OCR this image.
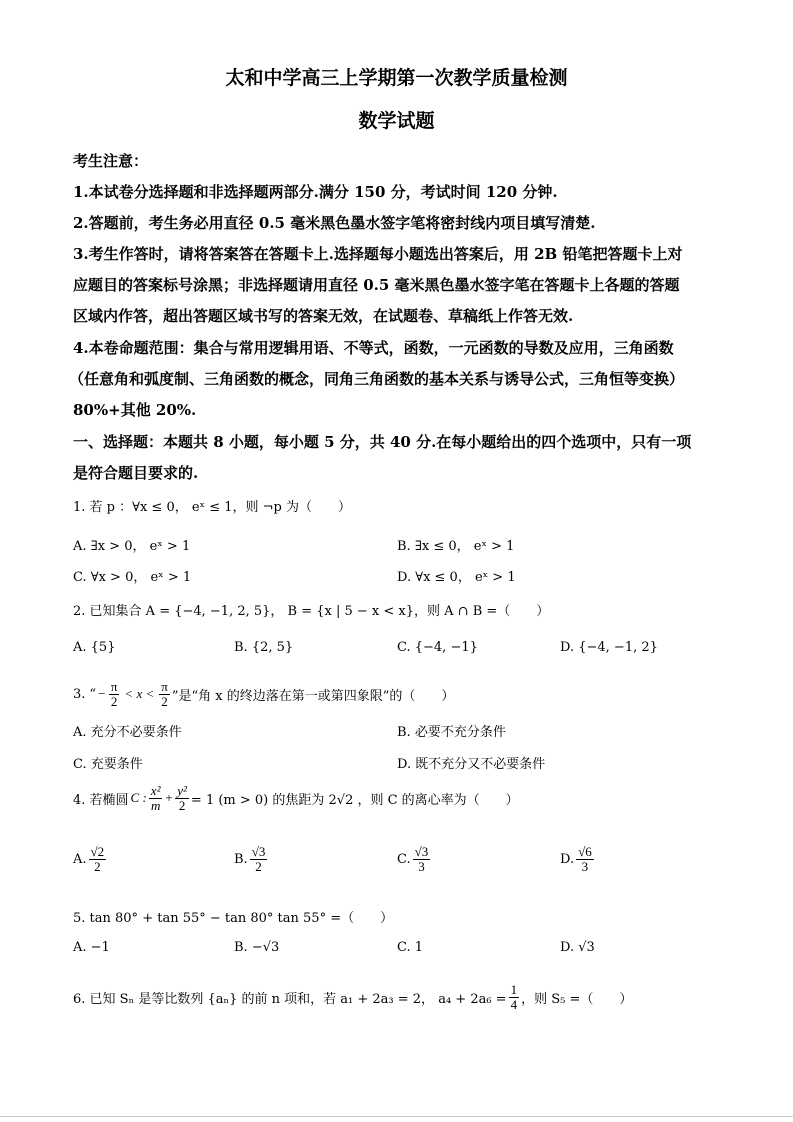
太和中学高三上学期第一次教学质量检测
数学试题
考生注意：
1.本试卷分选择题和非选择题两部分.满分 150 分，考试时间 120 分钟.
2.答题前，考生务必用直径 0.5 毫米黑色墨水签字笔将密封线内项目填写清楚.
3.考生作答时，请将答案答在答题卡上.选择题每小题选出答案后，用 2B 铅笔把答题卡上对
应题目的答案标号涂黑；非选择题请用直径 0.5 毫米黑色墨水签字笔在答题卡上各题的答题
区域内作答，超出答题区域书写的答案无效，在试题卷、草稿纸上作答无效.
4.本卷命题范围：集合与常用逻辑用语、不等式，函数，一元函数的导数及应用，三角函数
（任意角和弧度制、三角函数的概念，同角三角函数的基本关系与诱导公式，三角恒等变换）
80%+其他 20%.
一、选择题：本题共 8 小题，每小题 5 分，共 40 分.在每小题给出的四个选项中，只有一项
是符合题目要求的.
1. 若 p ：∀x ≤ 0， eˣ ≤ 1，则 ¬p 为（　　）
A. ∃x > 0， eˣ > 1	B. ∃x ≤ 0， eˣ > 1
C. ∀x > 0， eˣ > 1	D. ∀x ≤ 0， eˣ > 1
2. 已知集合 A = {−4, −1, 2, 5}， B = {x | 5 − x < x}，则 A ∩ B =（　　）
A. {5}	B. {2, 5}	C. {−4, −1}	D. {−4, −1, 2}
3. “ − $\frac{\pi}{2} < x < \frac{\pi}{2}$ ”是“角 x 的终边落在第一或第四象限”的（　　）
A. 充分不必要条件	B. 必要不充分条件
C. 充要条件	D. 既不充分又不必要条件
4. 若椭圆 C : $\frac{\text{x²}}{m} + \frac{\text{y²}}{2} = 1$ (m > 0) 的焦距为 2√2 ，则 C 的离心率为（　　）
A. $\frac{√2}{2}$	B. $\frac{√3}{2}$	C. $\frac{√3}{3}$	D. $\frac{√6}{3}$
5. tan 80° + tan 55° − tan 80° tan 55° =（　　）
A. −1	B. −√3	C. 1	D. √3
6. 已知 Sₙ 是等比数列 {aₙ} 的前 n 项和，若 a₁ + 2a₃ = 2， $a_4 + 2a_6 = \frac{1}{4}$ ，则 S₅ =（　　）
